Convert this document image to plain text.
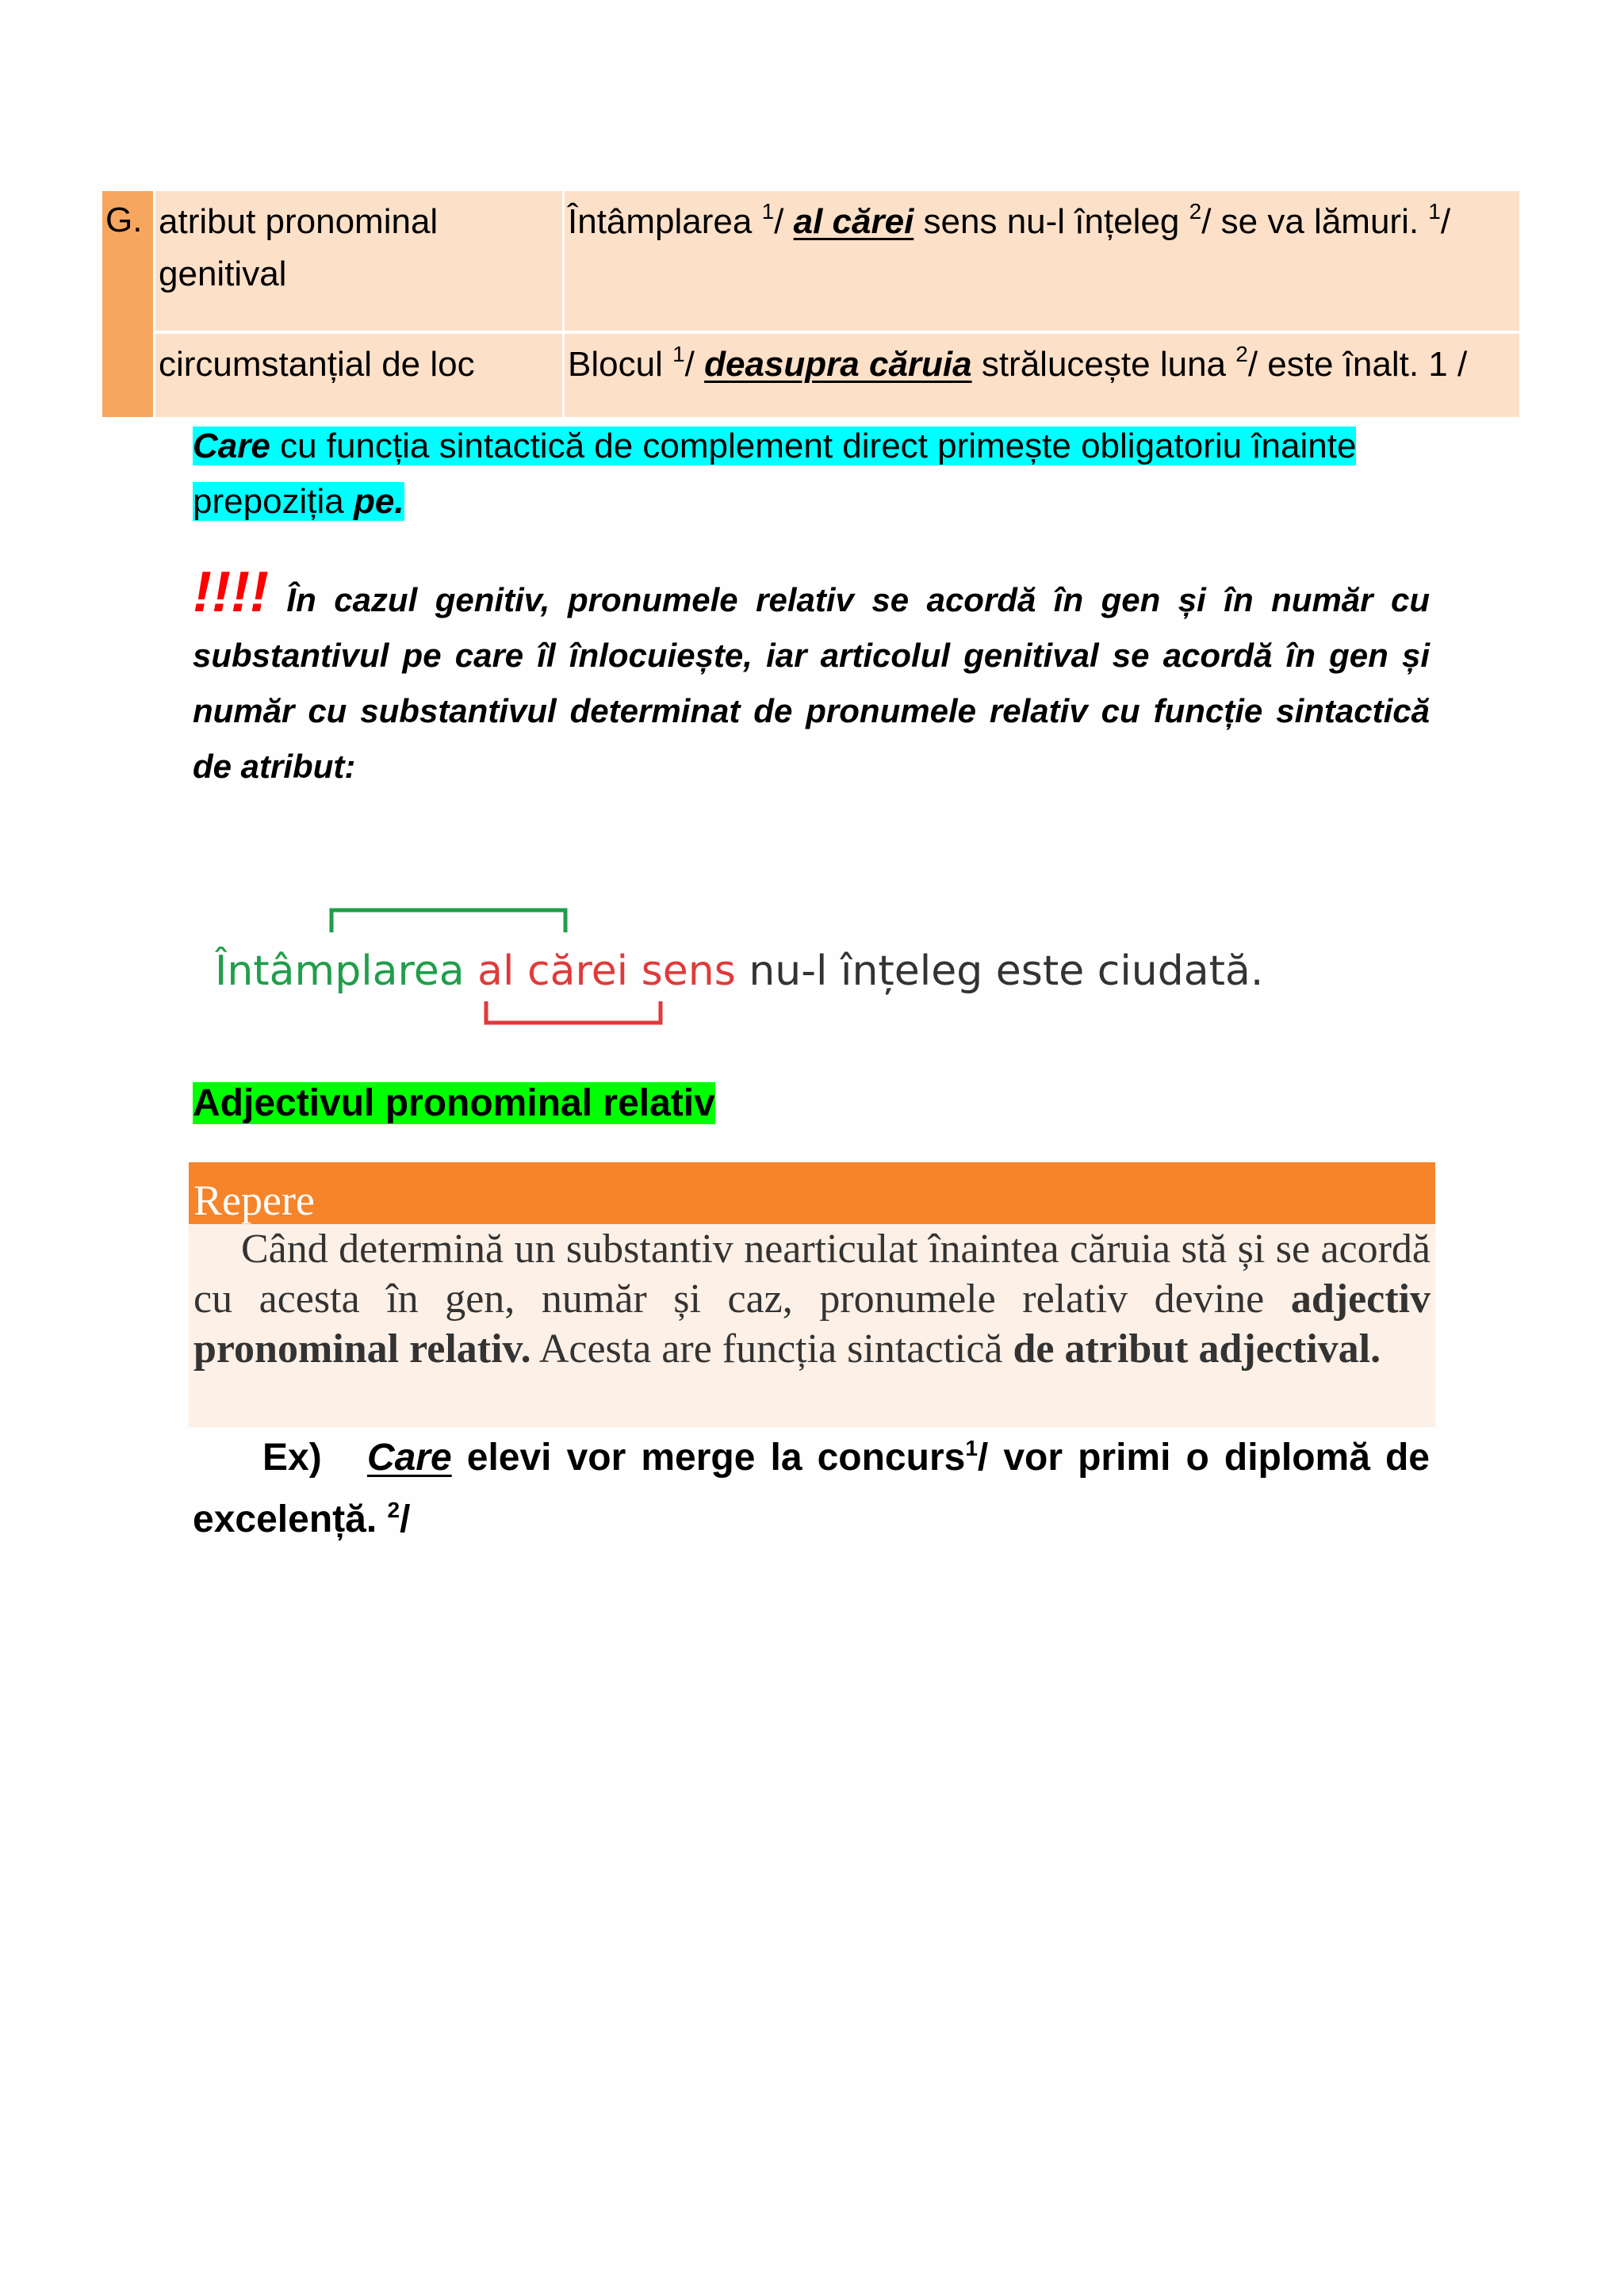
G. atribut pronominal genitival
Întâmplarea $^1$/ al cărei sens nu-l înțeleg $^2$/ se va lămuri. $^1$/
circumstanțial de loc	Blocul $^1$/ deasupra căruia strălucește luna $^2$/ este înalt. 1 /
Care cu funcția sintactică de complement direct primește obligatoriu înainte
prepoziția pe.
!!!! În cazul genitiv, pronumele relativ se acordă în gen și în număr cu substantivul pe care îl înlocuiește, iar articolul genitival se acordă în gen și număr cu substantivul determinat de pronumele relativ cu funcție sintactică de atribut:
Întâmplarea al cărei sens nu-l înțeleg este ciudată.
Adjectivul pronominal relativ
Repere
Când determină un substantiv nearticulat înaintea căruia stă și se acordă cu acesta în gen, număr și caz, pronumele relativ devine adjectiv pronominal relativ. Acesta are funcția sintactică de atribut adjectival.
Ex) Care elevi vor merge la concurs$^1$/ vor primi o diplomă de excelență. $^2$/
